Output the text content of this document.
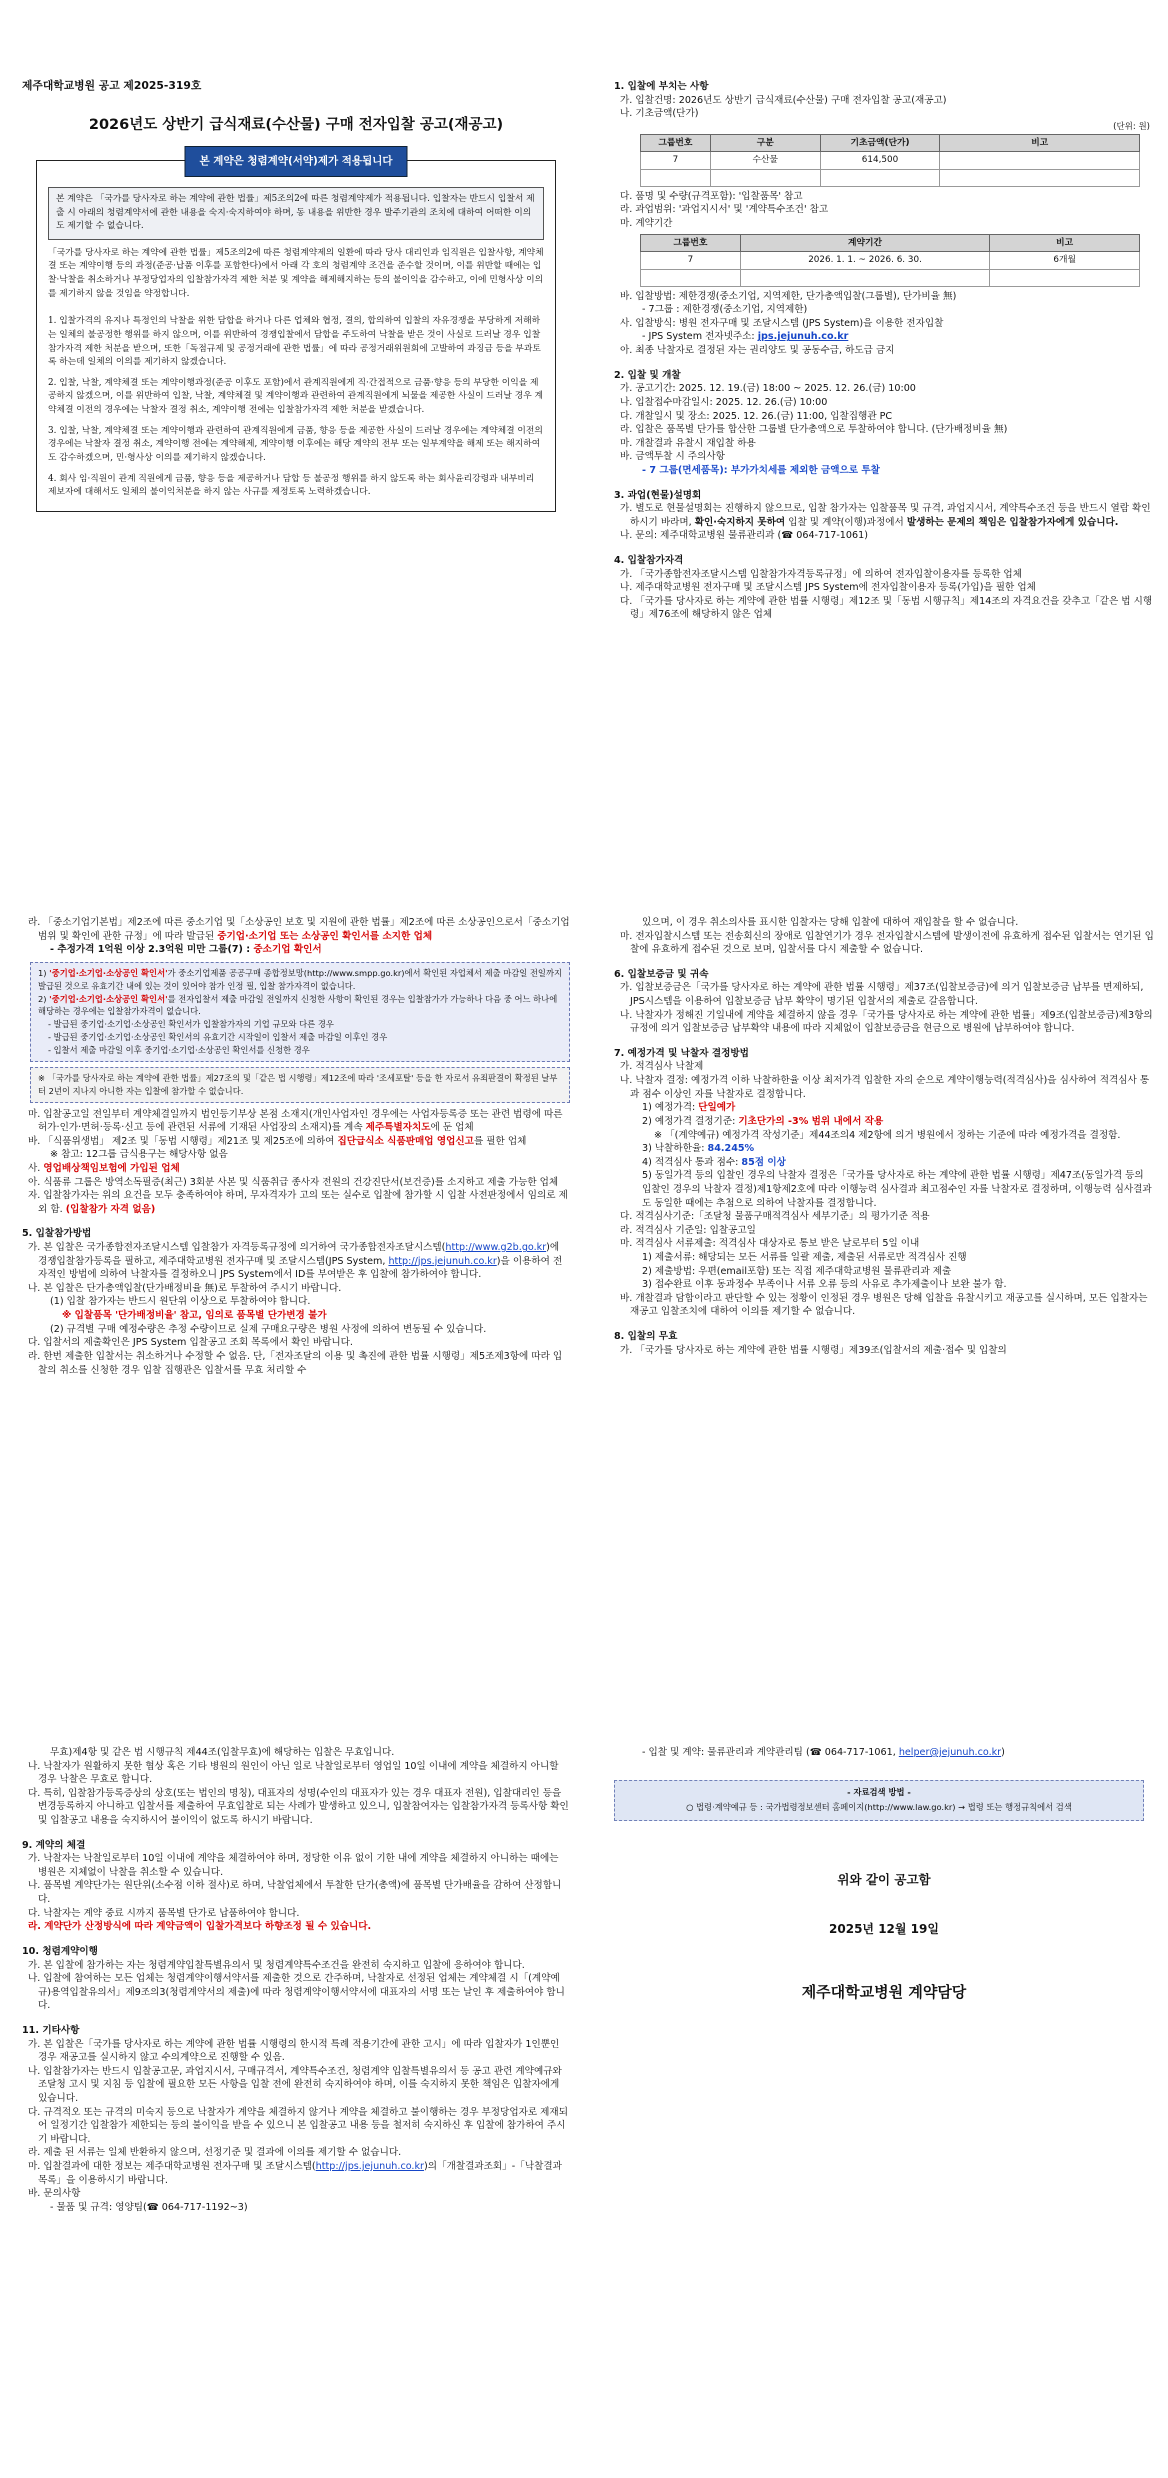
제주대학교병원 공고 제2025-319호

2026년도 상반기 급식재료(수산물) 구매 전자입찰 공고(재공고)

본 계약은 청렴계약(서약)제가 적용됩니다
본 계약은 「국가를 당사자로 하는 계약에 관한 법률」제5조의2에 따른 청렴계약제가 적용됩니다. 입찰자는 반드시 입찰서 제출 시 아래의 청렴계약서에 관한 내용을 숙지·숙지하여야 하며, 동 내용을 위반한 경우 발주기관의 조치에 대하여 어떠한 이의도 제기할 수 없습니다.

「국가를 당사자로 하는 계약에 관한 법률」제5조의2에 따른 청렴계약제의 일환에 따라 당사 대리인과 임직원은 입찰사항, 계약체결 또는 계약이행 등의 과정(준공·납품 이후를 포함한다)에서 아래 각 호의 청렴계약 조건을 준수할 것이며, 이를 위반할 때에는 입찰·낙찰을 취소하거나 부정당업자의 입찰참가자격 제한 처분 및 계약을 해제해지하는 등의 불이익을 감수하고, 이에 민형사상 이의를 제기하지 않을 것임을 약정합니다.

1. 입찰가격의 유지나 특정인의 낙찰을 위한 담합을 하거나 다른 업체와 협정, 결의, 합의하여 입찰의 자유경쟁을 부당하게 저해하는 일체의 불공정한 행위를 하지 않으며, 이를 위반하여 경쟁입찰에서 담합을 주도하여 낙찰을 받은 것이 사실로 드러날 경우 입찰참가자격 제한 처분을 받으며, 또한「독점규제 및 공정거래에 관한 법률」에 따라 공정거래위원회에 고발하여 과징금 등을 부과토록 하는데 일체의 이의를 제기하지 않겠습니다.

2. 입찰, 낙찰, 계약체결 또는 계약이행과정(준공 이후도 포함)에서 관계직원에게 직·간접적으로 금품·향응 등의 부당한 이익을 제공하지 않겠으며, 이를 위반하여 입찰, 낙찰, 계약체결 및 계약이행과 관련하여 관계직원에게 뇌물을 제공한 사실이 드러날 경우 계약체결 이전의 경우에는 낙찰자 결정 취소, 계약이행 전에는 입찰참가자격 제한 처분을 받겠습니다.

3. 입찰, 낙찰, 계약체결 또는 계약이행과 관련하여 관계직원에게 금품, 향응 등을 제공한 사실이 드러날 경우에는 계약체결 이전의 경우에는 낙찰자 결정 취소, 계약이행 전에는 계약해제, 계약이행 이후에는 해당 계약의 전부 또는 일부계약을 해제 또는 해지하여도 감수하겠으며, 민·형사상 이의를 제기하지 않겠습니다.

4. 회사 임·직원이 관계 직원에게 금품, 향응 등을 제공하거나 담합 등 불공정 행위를 하지 않도록 하는 회사윤리강령과 내부비리 제보자에 대해서도 일체의 불이익처분을 하지 않는 사규를 제정토록 노력하겠습니다.

1. 입찰에 부치는 사항

가. 입찰건명: 2026년도 상반기 급식재료(수산물) 구매 전자입찰 공고(재공고)

나. 기초금액(단가)

(단위: 원)

그룹번호	구분	기초금액(단가)	비고
7	수산물	614,500	

다. 품명 및 수량(규격포함): '입찰품목' 참고

라. 과업범위: '과업지시서' 및 '계약특수조건' 참고

마. 계약기간

그룹번호	계약기간	비고
7	2026. 1. 1. ~ 2026. 6. 30.	6개월

바. 입찰방법: 제한경쟁(중소기업, 지역제한, 단가총액입찰(그룹별), 단가비율 無)

- 7그룹 : 제한경쟁(중소기업, 지역제한)

사. 입찰방식: 병원 전자구매 및 조달시스템 (JPS System)을 이용한 전자입찰

- JPS System 전자넷주소: jps.jejunuh.co.kr

아. 최종 낙찰자로 결정된 자는 권리양도 및 공동수급, 하도급 금지

2. 입찰 및 개찰

가. 공고기간: 2025. 12. 19.(금) 18:00 ~ 2025. 12. 26.(금) 10:00

나. 입찰접수마감일시: 2025. 12. 26.(금) 10:00

다. 개찰일시 및 장소: 2025. 12. 26.(금) 11:00, 입찰집행관 PC

라. 입찰은 품목별 단가를 합산한 그룹별 단가총액으로 투찰하여야 합니다. (단가배정비율 無)

마. 개찰결과 유찰시 재입찰 하용

바. 금액투찰 시 주의사항

- 7 그룹(면세품목): 부가가치세를 제외한 금액으로 투찰

3. 과업(현물)설명회

가. 별도로 현물설명회는 진행하지 않으므로, 입찰 참가자는 입찰품목 및 규격, 과업지시서, 계약특수조건 등을 반드시 열람 확인하시기 바라며, 확인·숙지하지 못하여 입찰 및 계약(이행)과정에서 발생하는 문제의 책임은 입찰참가자에게 있습니다.

나. 문의: 제주대학교병원 물류관리과 (☎ 064-717-1061)

4. 입찰참가자격

가. 「국가종합전자조달시스템 입찰참가자격등록규정」에 의하여 전자입찰이용자를 등록한 업체

나. 제주대학교병원 전자구매 및 조달시스템 JPS System에 전자입찰이용자 등록(가입)을 필한 업체

다. 「국가를 당사자로 하는 계약에 관한 법률 시행령」제12조 및「동법 시행규칙」제14조의 자격요건을 갖추고「같은 법 시행령」제76조에 해당하지 않은 업체

라. 「중소기업기본법」제2조에 따른 중소기업 및「소상공인 보호 및 지원에 관한 법률」제2조에 따른 소상공인으로서「중소기업 범위 및 확인에 관한 규정」에 따라 발급된 중기업·소기업 또는 소상공인 확인서를 소지한 업체

- 추정가격 1억원 이상 2.3억원 미만 그룹(7) : 중소기업 확인서

1) '중기업·소기업·소상공인 확인서'가 중소기업제품 공공구매 종합정보망(http://www.smpp.go.kr)에서 확인된 자업체서 제출 마감일 전일까지 발급된 것으로 유효기간 내에 있는 것이 있어야 참가 인정 필, 입찰 참가자격이 없습니다.

2) '중기업·소기업·소상공인 확인서'를 전자입찰서 제출 마감일 전일까지 신청한 사항이 확인된 경우는 입찰참가가 가능하나 다음 중 어느 하나에 해당하는 경우에는 입찰참가자격이 없습니다.

- 발급된 중기업·소기업·소상공인 확인서가 입찰참가자의 기업 규모와 다른 경우

- 발급된 중기업·소기업·소상공인 확인서의 유효기간 시작일이 입찰서 제출 마감일 이후인 경우

- 입찰서 제출 마감일 이후 중기업·소기업·소상공인 확인서를 신청한 경우

※ 「국가를 당사자로 하는 계약에 관한 법률」제27조의 및「같은 법 시행령」제12조에 따라 '조세포탈' 등을 한 자로서 유죄판결이 확정된 날부터 2년이 지나지 아니한 자는 입찰에 참가할 수 없습니다.

마. 입찰공고일 전일부터 계약체결일까지 법인등기부상 본점 소재지(개인사업자인 경우에는 사업자등록증 또는 관련 법령에 따른 허가·인가·면허·등록·신고 등에 관련된 서류에 기재된 사업장의 소재지)를 계속 제주특별자치도에 둔 업체

바. 「식품위생법」 제2조 및「동법 시행령」제21조 및 제25조에 의하여 집단급식소 식품판매업 영업신고를 필한 업체

※ 참고: 12그룹 급식용구는 해당사항 없음

사. 영업배상책임보험에 가입된 업체

아. 식품류 그룹은 방역소독필증(최근) 3회분 사본 및 식품취급 종사자 전원의 건강진단서(보건증)를 소지하고 제출 가능한 업체

자. 입찰참가자는 위의 요건을 모두 충족하여야 하며, 무자격자가 고의 또는 실수로 입찰에 참가할 시 입찰 사전판정에서 임의로 제외 함. (입찰참가 자격 없음)

5. 입찰참가방법

가. 본 입찰은 국가종합전자조달시스템 입찰참가 자격등록규정에 의거하여 국가종합전자조달시스템(http://www.g2b.go.kr)에 경쟁입찰참가등록을 필하고, 제주대학교병원 전자구매 및 조달시스템(JPS System, http://jps.jejunuh.co.kr)을 이용하여 전자적인 방법에 의하여 낙찰자를 결정하오니 JPS System에서 ID를 부여받은 후 입찰에 참가하여야 합니다.

나. 본 입찰은 단가총액입찰(단가배정비율 無)로 투찰하여 주시기 바랍니다.

(1) 입찰 참가자는 반드시 원단위 이상으로 투찰하여야 합니다.

※ 입찰품목 '단가배정비율' 참고, 임의로 품목별 단가변경 불가

(2) 규격별 구매 예정수량은 추정 수량이므로 실제 구매요구량은 병원 사정에 의하여 변동될 수 있습니다.

다. 입찰서의 제출확인은 JPS System 입찰공고 조회 목록에서 확인 바랍니다.

라. 한번 제출한 입찰서는 취소하거나 수정할 수 없음. 단,「전자조달의 이용 및 촉진에 관한 법률 시행령」제5조제3항에 따라 입찰의 취소를 신청한 경우 입찰 집행관은 입찰서를 무효 처리할 수

있으며, 이 경우 취소의사를 표시한 입찰자는 당해 입찰에 대하여 재입찰을 할 수 없습니다.

마. 전자입찰시스템 또는 전송회신의 장애로 입찰연기가 경우 전자입찰시스템에 발생이전에 유효하게 접수된 입찰서는 연기된 입찰에 유효하게 접수된 것으로 보며, 입찰서를 다시 제출할 수 없습니다.

6. 입찰보증금 및 귀속

가. 입찰보증금은「국가를 당사자로 하는 계약에 관한 법률 시행령」제37조(입찰보증금)에 의거 입찰보증금 납부를 면제하되, JPS시스템을 이용하여 입찰보증금 납부 확약이 명기된 입찰서의 제출로 갈음합니다.

나. 낙찰자가 정해진 기일내에 계약을 체결하지 않을 경우「국가를 당사자로 하는 계약에 관한 법률」제9조(입찰보증금)제3항의 규정에 의거 입찰보증금 납부확약 내용에 따라 지체없이 입찰보증금을 현금으로 병원에 납부하여야 합니다.

7. 예정가격 및 낙찰자 결정방법

가. 적격심사 낙찰제

나. 낙찰자 결정: 예정가격 이하 낙찰하한율 이상 최저가격 입찰한 자의 순으로 계약이행능력(적격심사)을 심사하여 적격심사 통과 점수 이상인 자를 낙찰자로 결정합니다.

1) 예정가격: 단일예가

2) 예정가격 결정기준: 기초단가의 -3% 범위 내에서 작용

※ 「(계약예규) 예정가격 작성기준」제44조의4 제2항에 의거 병원에서 정하는 기준에 따라 예정가격을 결정함.

3) 낙찰하한율: 84.245%

4) 적격심사 통과 점수: 85점 이상

5) 동일가격 등의 입찰인 경우의 낙찰자 결정은「국가를 당사자로 하는 계약에 관한 법률 시행령」제47조(동일가격 등의 입찰인 경우의 낙찰자 결정)제1항제2호에 따라 이행능력 심사결과 최고점수인 자를 낙찰자로 결정하며, 이행능력 심사결과도 동일한 때에는 추첨으로 의하여 낙찰자를 결정합니다.

다. 적격심사기준:「조달청 물품구매적격심사 세부기준」의 평가기준 적용

라. 적격심사 기준일: 입찰공고일

마. 적격심사 서류제출: 적격심사 대상자로 통보 받은 날로부터 5일 이내

1) 제출서류: 해당되는 모든 서류를 일괄 제출, 제출된 서류로만 적격심사 진행

2) 제출방법: 우편(email포함) 또는 직접 제주대학교병원 물류관리과 제출

3) 접수완료 이후 동과정수 부족이나 서류 오류 등의 사유로 추가제출이나 보완 불가 함.

바. 개찰결과 담합이라고 판단할 수 있는 정황이 인정된 경우 병원은 당해 입찰을 유찰시키고 재공고를 실시하며, 모든 입찰자는 재공고 입찰조치에 대하여 이의를 제기할 수 없습니다.

8. 입찰의 무효

가. 「국가를 당사자로 하는 계약에 관한 법률 시행령」제39조(입찰서의 제출·접수 및 입찰의

무효)제4항 및 같은 법 시행규칙 제44조(입찰무효)에 해당하는 입찰은 무효입니다.

나. 낙찰자가 원활하지 못한 협상 혹은 기타 병원의 원인이 아닌 일로 낙찰일로부터 영업일 10일 이내에 계약을 체결하지 아니할 경우 낙찰은 무효로 합니다.

다. 특히, 입찰참가등록증상의 상호(또는 법인의 명칭), 대표자의 성명(수인의 대표자가 있는 경우 대표자 전원), 입찰대리인 등을 변경등록하지 아니하고 입찰서를 제출하여 무효입찰로 되는 사례가 발생하고 있으니, 입찰참여자는 입찰참가자격 등록사항 확인 및 입찰공고 내용을 숙지하시어 불이익이 없도록 하시기 바랍니다.

9. 계약의 체결

가. 낙찰자는 낙찰일로부터 10일 이내에 계약을 체결하여야 하며, 정당한 이유 없이 기한 내에 계약을 체결하지 아니하는 때에는 병원은 지체없이 낙찰을 취소할 수 있습니다.

나. 품목별 계약단가는 원단위(소수점 이하 절사)로 하며, 낙찰업체에서 투찰한 단가(총액)에 품목별 단가배율을 감하여 산정합니다.

다. 낙찰자는 계약 중료 시까지 품목별 단가로 납품하여야 합니다.

라. 계약단가 산정방식에 따라 계약금액이 입찰가격보다 하향조정 될 수 있습니다.

10. 청렴계약이행

가. 본 입찰에 참가하는 자는 청렴계약입찰특별유의서 및 청렴계약특수조건을 완전히 숙지하고 입찰에 응하여야 합니다.

나. 입찰에 참여하는 모든 업체는 청렴계약이행서약서를 제출한 것으로 간주하며, 낙찰자로 선정된 업체는 계약체결 시「(계약예규)용역입찰유의서」제9조의3(청렴계약서의 제출)에 따라 청렴계약이행서약서에 대표자의 서명 또는 날인 후 제출하여야 합니다.

11. 기타사항

가. 본 입찰은「국가를 당사자로 하는 계약에 관한 법률 시행령의 한시적 특례 적용기간에 관한 고시」에 따라 입찰자가 1인뿐인 경우 재공고를 실시하지 않고 수의계약으로 진행할 수 있음.

나. 입찰참가자는 반드시 입찰공고문, 과업지시서, 구매규격서, 계약특수조건, 청렴계약 입찰특별유의서 등 공고 관련 계약예규와 조달청 고시 및 지침 등 입찰에 필요한 모든 사항을 입찰 전에 완전히 숙지하여야 하며, 이를 숙지하지 못한 책임은 입찰자에게 있습니다.

다. 규격적오 또는 규격의 미숙지 등으로 낙찰자가 계약을 체결하지 않거나 계약을 체결하고 불이행하는 경우 부정당업자로 제재되어 일정기간 입찰참가 제한되는 등의 불이익을 받을 수 있으니 본 입찰공고 내용 등을 철저히 숙지하신 후 입찰에 참가하여 주시기 바랍니다.

라. 제출 된 서류는 일체 반환하지 않으며, 선정기준 및 결과에 이의를 제기할 수 없습니다.

마. 입찰결과에 대한 정보는 제주대학교병원 전자구매 및 조달시스템(http://jps.jejunuh.co.kr)의「개찰결과조회」-「낙찰결과목록」을 이용하시기 바랍니다.

바. 문의사항

- 물품 및 규격: 영양팀(☎ 064-717-1192~3)

- 입찰 및 계약: 물류관리과 계약관리팀 (☎ 064-717-1061, helper@jejunuh.co.kr)

- 자료검색 방법 -

○ 법령·계약예규 등 : 국가법령정보센터 홈페이지(http://www.law.go.kr) → 법령 또는 행정규칙에서 검색

위와 같이 공고함

2025년 12월 19일

제주대학교병원 계약담당
